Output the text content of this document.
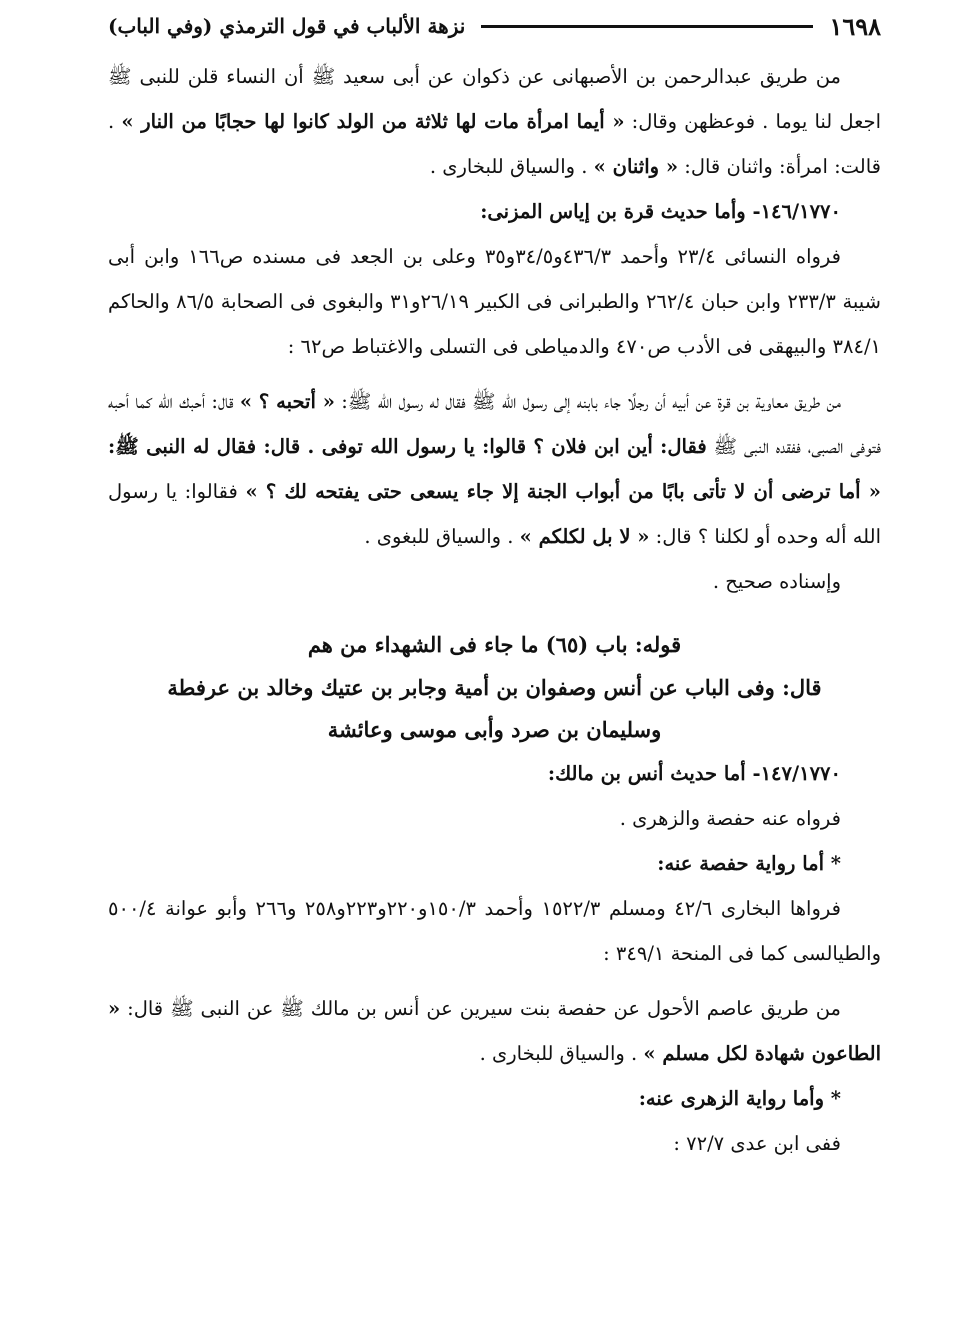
١٦٩٨
نزهة الألباب في قول الترمذي (وفي الباب)

من طريق عبدالرحمن بن الأصبهانى عن ذكوان عن أبى سعيد ﷺ أن النساء قلن للنبى ﷺ اجعل لنا يوما . فوعظهن وقال: « أيما امرأة مات لها ثلاثة من الولد كانوا لها حجابًا من النار » . قالت: امرأة: واثنان قال: « واثنان » . والسياق للبخارى .

١٤٦/١٧٧٠- وأما حديث قرة بن إياس المزنى:

فرواه النسائى ٢٣/٤ وأحمد ٤٣٦/٣و٣٤/٥و٣٥ وعلى بن الجعد فى مسنده ص١٦٦ وابن أبى شيبة ٢٣٣/٣ وابن حبان ٢٦٢/٤ والطبرانى فى الكبير ٢٦/١٩و٣١ والبغوى فى الصحابة ٨٦/٥ والحاكم ٣٨٤/١ والبيهقى فى الأدب ص٤٧٠ والدمياطى فى التسلى والاغتباط ص٦٢ :

من طريق معاوية بن قرة عن أبيه أن رجلًا جاء بابنه إلى رسول الله ﷺ فقال له رسول الله ﷺ: « أتحبه ؟ » قال: أحبك الله كما أحبه فتوفى الصبى، ففقده النبى ﷺ فقال: أين ابن فلان ؟ قالوا: يا رسول الله توفى . قال: فقال له النبى ﷺ: « أما ترضى أن لا تأتى بابًا من أبواب الجنة إلا جاء يسعى حتى يفتحه لك ؟ » فقالوا: يا رسول الله أله وحده أو لكلنا ؟ قال: « لا بل لكلكم » . والسياق للبغوى .

وإسناده صحيح .

قوله: باب (٦٥) ما جاء فى الشهداء من هم

قال: وفى الباب عن أنس وصفوان بن أمية وجابر بن عتيك وخالد بن عرفطة

وسليمان بن صرد وأبى موسى وعائشة

١٤٧/١٧٧٠- أما حديث أنس بن مالك:

فرواه عنه حفصة والزهرى .

* أما رواية حفصة عنه:

فرواها البخارى ٤٢/٦ ومسلم ١٥٢٢/٣ وأحمد ١٥٠/٣و٢٢٠و٢٢٣و٢٥٨ و٢٦٦ وأبو عوانة ٥٠٠/٤ والطيالسى كما فى المنحة ٣٤٩/١ :

من طريق عاصم الأحول عن حفصة بنت سيرين عن أنس بن مالك ﷺ عن النبى ﷺ قال: « الطاعون شهادة لكل مسلم » . والسياق للبخارى .

* وأما رواية الزهرى عنه:

ففى ابن عدى ٧٢/٧ :
